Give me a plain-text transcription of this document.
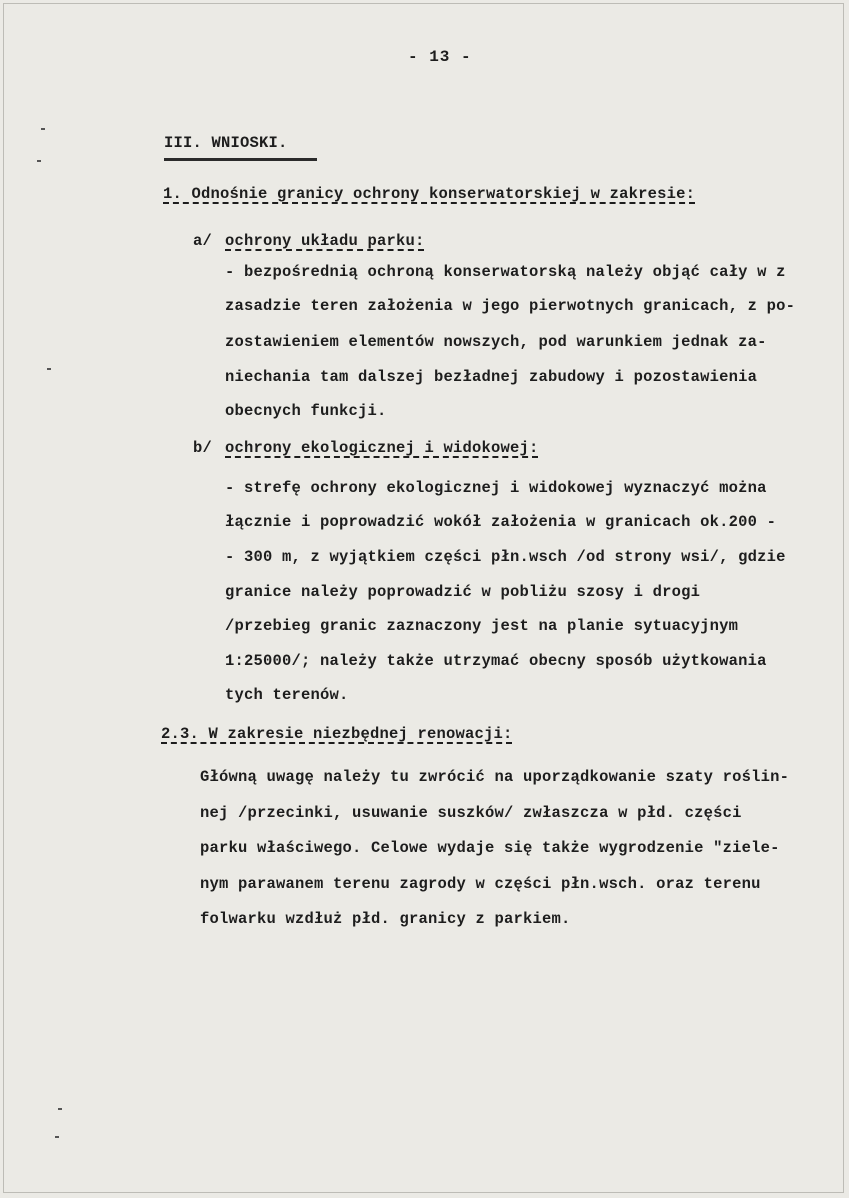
- 13 -
III. WNIOSKI.
1. Odnośnie granicy ochrony konserwatorskiej w zakresie:
a/ ochrony układu parku:
- bezpośrednią ochroną konserwatorską należy objąć cały w z
zasadzie teren założenia w jego pierwotnych granicach, z po-
zostawieniem elementów nowszych, pod warunkiem jednak za-
niechania tam dalszej bezładnej zabudowy i pozostawienia
obecnych funkcji.
b/ ochrony ekologicznej i widokowej:
- strefę ochrony ekologicznej i widokowej wyznaczyć można
łącznie i poprowadzić wokół założenia w granicach ok.200 -
- 300 m, z wyjątkiem części płn.wsch /od strony wsi/, gdzie
granice należy poprowadzić w pobliżu szosy i drogi
/przebieg granic zaznaczony jest na planie sytuacyjnym
1:25000/; należy także utrzymać obecny sposób użytkowania
tych terenów.
2.3. W zakresie niezbędnej renowacji:
Główną uwagę należy tu zwrócić na uporządkowanie szaty roślin-
nej /przecinki, usuwanie suszków/ zwłaszcza w płd. części
parku właściwego. Celowe wydaje się także wygrodzenie "ziele-
nym parawanem terenu zagrody w części płn.wsch. oraz terenu
folwarku wzdłuż płd. granicy z parkiem.
